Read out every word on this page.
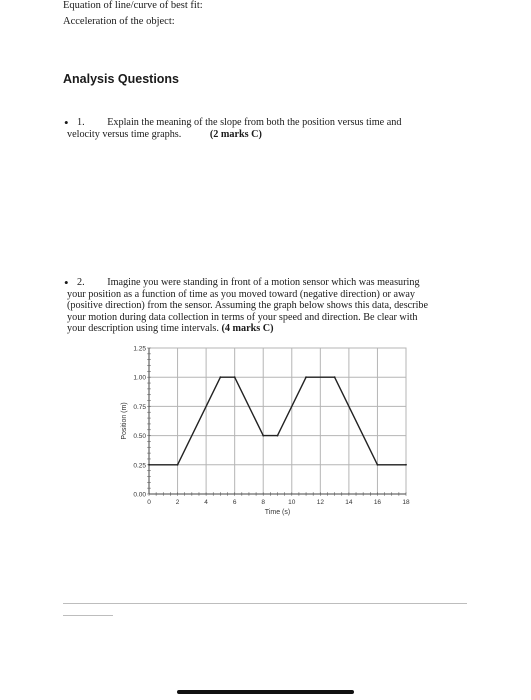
Equation of line/curve of best fit:
Acceleration of the object:
Analysis Questions
• 1. Explain the meaning of the slope from both the position versus time and
velocity versus time graphs.	(2 marks C)
• 2. Imagine you were standing in front of a motion sensor which was measuring
your position as a function of time as you moved toward (negative direction) or away
(positive direction) from the sensor. Assuming the graph below shows this data, describe
your motion during data collection in terms of your speed and direction. Be clear with
your description using time intervals. (4 marks C)
0	2	4	6	8	10	12	14	16	18
0.00
0.25
0.50
0.75
1.00
1.25
Time (s)
Position (m)
